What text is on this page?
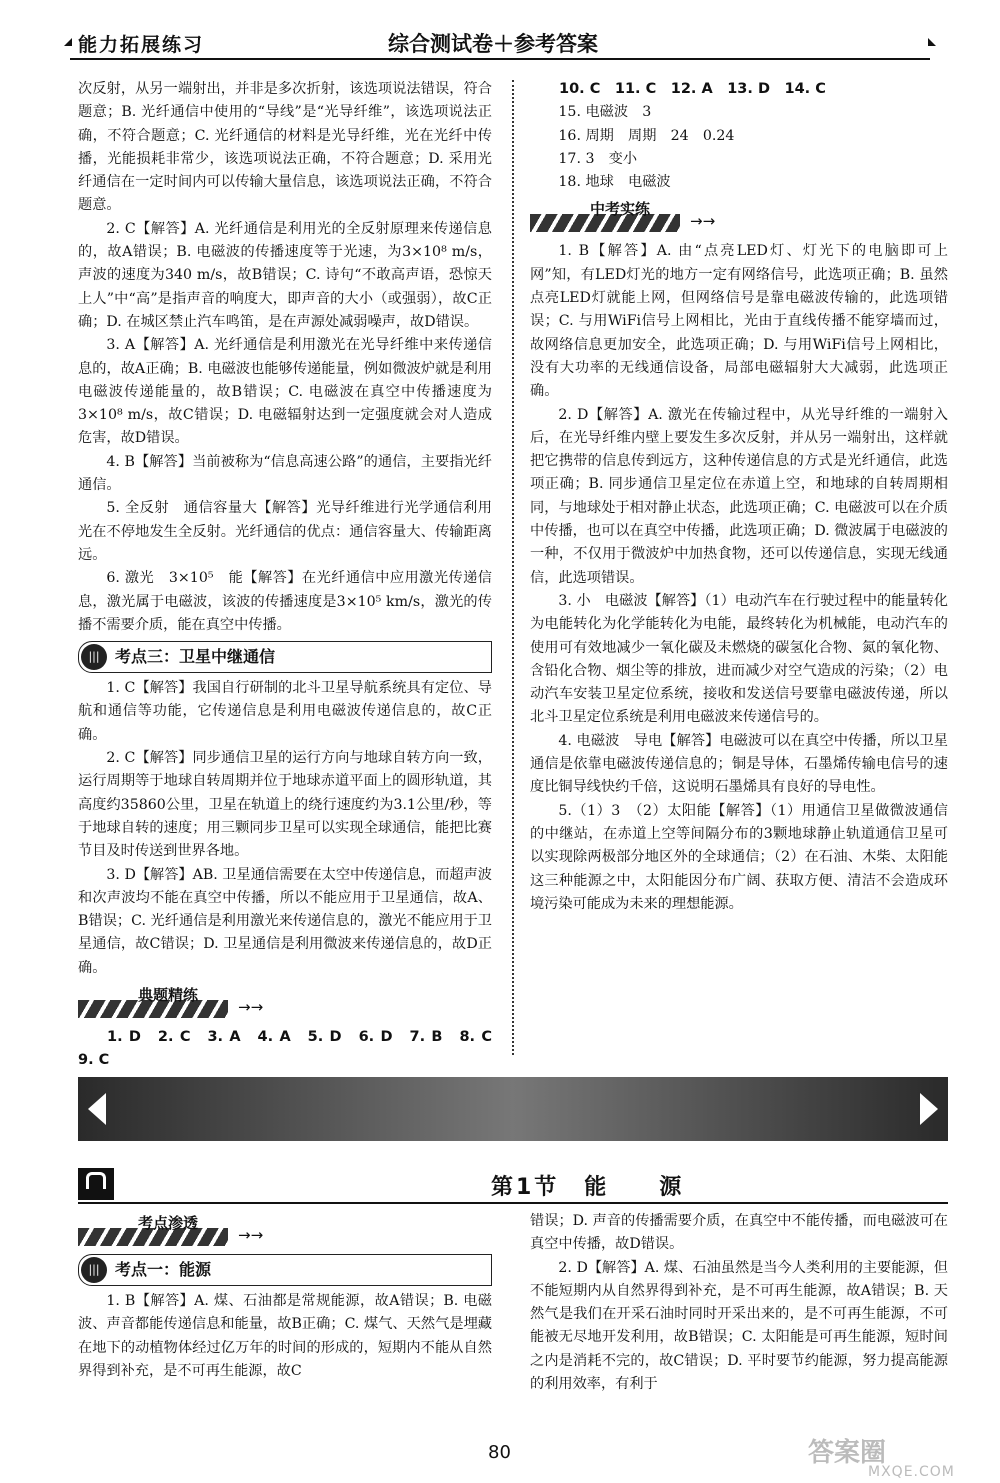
能力拓展练习	综合测试卷＋参考答案

次反射，从另一端射出，并非是多次折射，该选项说法错误，符合题意；B. 光纤通信中使用的“导线”是“光导纤维”，该选项说法正确，不符合题意；C. 光纤通信的材料是光导纤维，光在光纤中传播，光能损耗非常少，该选项说法正确，不符合题意；D. 采用光纤通信在一定时间内可以传输大量信息，该选项说法正确，不符合题意。

2. C【解答】A. 光纤通信是利用光的全反射原理来传递信息的，故A错误；B. 电磁波的传播速度等于光速，为3×10⁸ m/s，声波的速度为340 m/s，故B错误；C. 诗句“不敢高声语，恐惊天上人”中“高”是指声音的响度大，即声音的大小（或强弱），故C正确；D. 在城区禁止汽车鸣笛，是在声源处减弱噪声，故D错误。

3. A【解答】A. 光纤通信是利用激光在光导纤维中来传递信息的，故A正确；B. 电磁波也能够传递能量，例如微波炉就是利用电磁波传递能量的，故B错误；C. 电磁波在真空中传播速度为3×10⁸ m/s，故C错误；D. 电磁辐射达到一定强度就会对人造成危害，故D错误。

4. B【解答】当前被称为“信息高速公路”的通信，主要指光纤通信。

5. 全反射　通信容量大【解答】光导纤维进行光学通信利用光在不停地发生全反射。光纤通信的优点：通信容量大、传输距离远。

6. 激光　3×10⁵　能【解答】在光纤通信中应用激光传递信息，激光属于电磁波，该波的传播速度是3×10⁵ km/s，激光的传播不需要介质，能在真空中传播。

||| 考点三：卫星中继通信

1. C【解答】我国自行研制的北斗卫星导航系统具有定位、导航和通信等功能，它传递信息是利用电磁波传递信息的，故C正确。

2. C【解答】同步通信卫星的运行方向与地球自转方向一致，运行周期等于地球自转周期并位于地球赤道平面上的圆形轨道，其高度约35860公里，卫星在轨道上的绕行速度约为3.1公里/秒，等于地球自转的速度；用三颗同步卫星可以实现全球通信，能把比赛节目及时传送到世界各地。

3. D【解答】AB. 卫星通信需要在太空中传递信息，而超声波和次声波均不能在真空中传播，所以不能应用于卫星通信，故A、B错误；C. 光纤通信是利用激光来传递信息的，激光不能应用于卫星通信，故C错误；D. 卫星通信是利用微波来传递信息的，故D正确。

典题精练
→→

1. D　2. C　3. A　4. A　5. D　6. D　7. B　8. C　9. C

10. C　11. C　12. A　13. D　14. C

15. 电磁波　3

16. 周期　周期　24　0.24

17. 3　变小

18. 地球　电磁波

中考实练
→→

1. B【解答】A. 由“点亮LED灯、灯光下的电脑即可上网”知，有LED灯光的地方一定有网络信号，此选项正确；B. 虽然点亮LED灯就能上网，但网络信号是靠电磁波传输的，此选项错误；C. 与用WiFi信号上网相比，光由于直线传播不能穿墙而过，故网络信息更加安全，此选项正确；D. 与用WiFi信号上网相比，没有大功率的无线通信设备，局部电磁辐射大大减弱，此选项正确。

2. D【解答】A. 激光在传输过程中，从光导纤维的一端射入后，在光导纤维内壁上要发生多次反射，并从另一端射出，这样就把它携带的信息传到远方，这种传递信息的方式是光纤通信，此选项正确；B. 同步通信卫星定位在赤道上空，和地球的自转周期相同，与地球处于相对静止状态，此选项正确；C. 电磁波可以在介质中传播，也可以在真空中传播，此选项正确；D. 微波属于电磁波的一种，不仅用于微波炉中加热食物，还可以传递信息，实现无线通信，此选项错误。

3. 小　电磁波【解答】（1）电动汽车在行驶过程中的能量转化为电能转化为化学能转化为电能，最终转化为机械能，电动汽车的使用可有效地减少一氧化碳及未燃烧的碳氢化合物、氮的氧化物、含铅化合物、烟尘等的排放，进而减少对空气造成的污染；（2）电动汽车安装卫星定位系统，接收和发送信号要靠电磁波传递，所以北斗卫星定位系统是利用电磁波来传递信号的。

4. 电磁波　导电【解答】电磁波可以在真空中传播，所以卫星通信是依靠电磁波传递信息的；铜是导体，石墨烯传输电信号的速度比铜导线快约千倍，这说明石墨烯具有良好的导电性。

5.（1）3　（2）太阳能【解答】（1）用通信卫星做微波通信的中继站，在赤道上空等间隔分布的3颗地球静止轨道通信卫星可以实现除两极部分地区外的全球通信；（2）在石油、木柴、太阳能这三种能源之中，太阳能因分布广阔、获取方便、清洁不会造成环境污染可能成为未来的理想能源。

第1节　能　　源
考点渗透
→→
||| 考点一：能源

1. B【解答】A. 煤、石油都是常规能源，故A错误；B. 电磁波、声音都能传递信息和能量，故B正确；C. 煤气、天然气是埋藏在地下的动植物体经过亿万年的时间的形成的，短期内不能从自然界得到补充，是不可再生能源，故C

错误；D. 声音的传播需要介质，在真空中不能传播，而电磁波可在真空中传播，故D错误。

2. D【解答】A. 煤、石油虽然是当今人类利用的主要能源，但不能短期内从自然界得到补充，是不可再生能源，故A错误；B. 天然气是我们在开采石油时同时开采出来的，是不可再生能源，不可能被无尽地开发利用，故B错误；C. 太阳能是可再生能源，短时间之内是消耗不完的，故C错误；D. 平时要节约能源，努力提高能源的利用效率，有利于

80	答案圈
MXQE.COM
